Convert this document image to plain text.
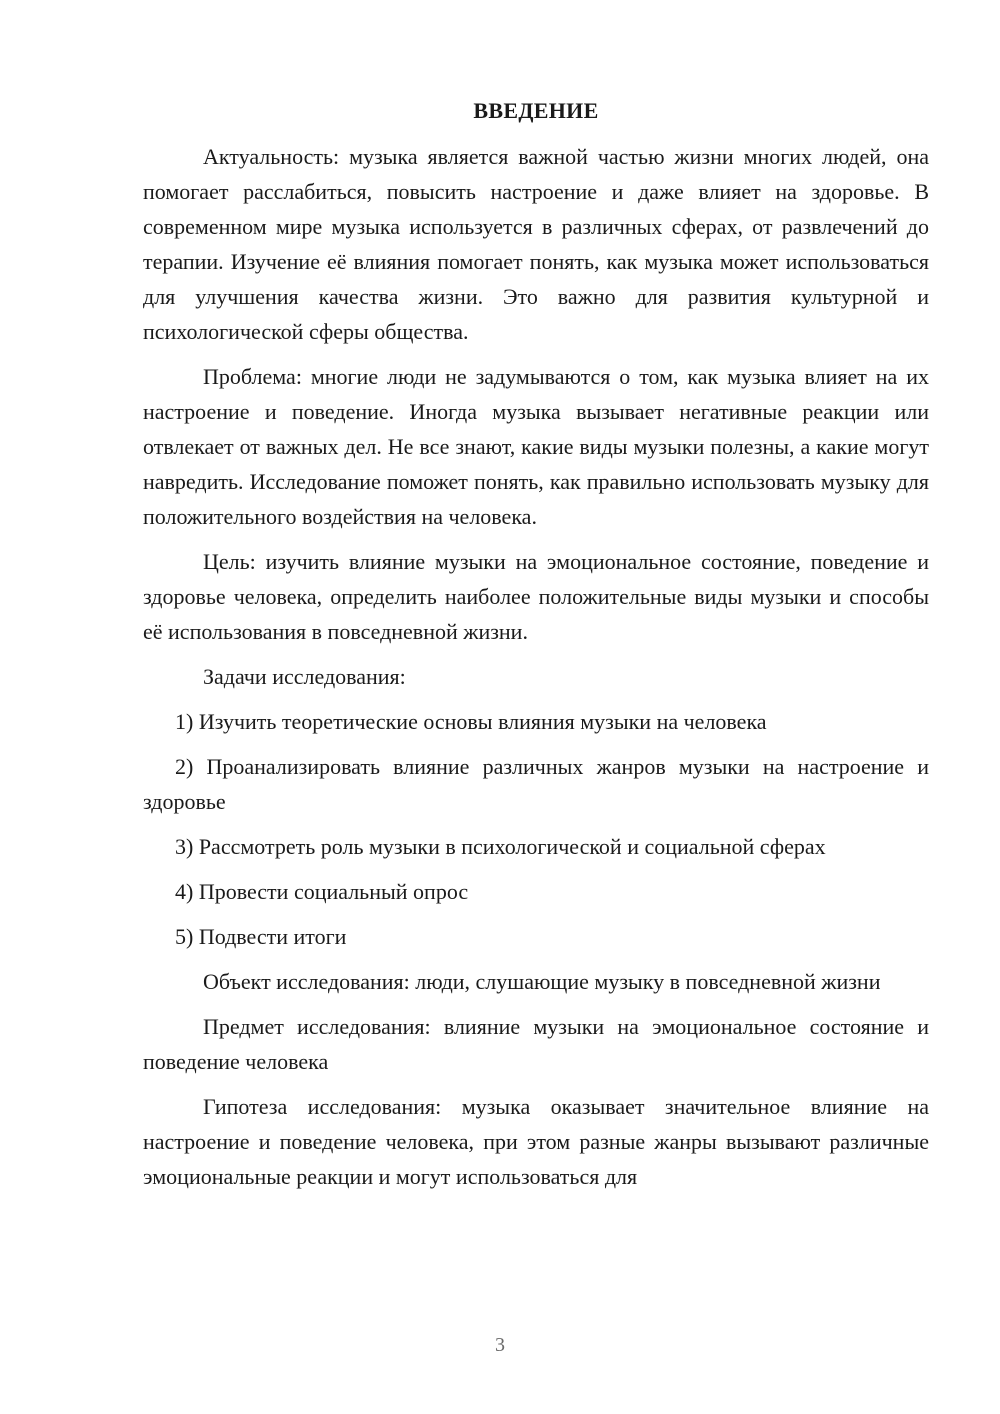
ВВЕДЕНИЕ

Актуальность: музыка является важной частью жизни многих людей, она помогает расслабиться, повысить настроение и даже влияет на здоровье. В современном мире музыка используется в различных сферах, от развлечений до терапии. Изучение её влияния помогает понять, как музыка может использоваться для улучшения качества жизни. Это важно для развития культурной и психологической сферы общества.

Проблема: многие люди не задумываются о том, как музыка влияет на их настроение и поведение. Иногда музыка вызывает негативные реакции или отвлекает от важных дел. Не все знают, какие виды музыки полезны, а какие могут навредить. Исследование поможет понять, как правильно использовать музыку для положительного воздействия на человека.

Цель: изучить влияние музыки на эмоциональное состояние, поведение и здоровье человека, определить наиболее положительные виды музыки и способы её использования в повседневной жизни.

Задачи исследования:

1) Изучить теоретические основы влияния музыки на человека

2) Проанализировать влияние различных жанров музыки на настроение и здоровье

3) Рассмотреть роль музыки в психологической и социальной сферах

4) Провести социальный опрос

5) Подвести итоги

Объект исследования: люди, слушающие музыку в повседневной жизни

Предмет исследования: влияние музыки на эмоциональное состояние и поведение человека

Гипотеза исследования: музыка оказывает значительное влияние на настроение и поведение человека, при этом разные жанры вызывают различные эмоциональные реакции и могут использоваться для

3
